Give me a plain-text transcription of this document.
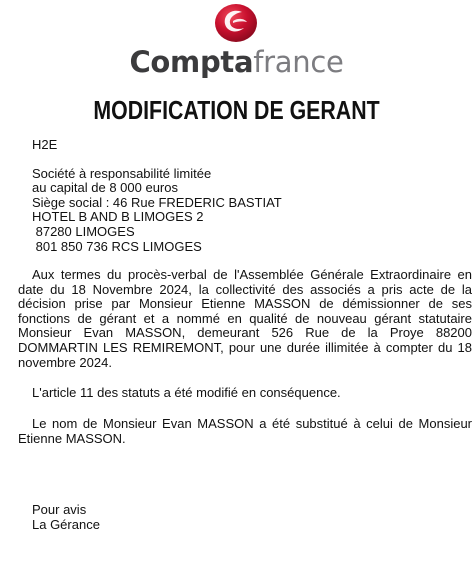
Comptafrance
MODIFICATION DE GERANT
H2E
Société à responsabilité limitée
au capital de 8 000 euros
Siège social : 46 Rue FREDERIC BASTIAT
HOTEL B AND B LIMOGES 2
87280 LIMOGES
801 850 736 RCS LIMOGES

Aux termes du procès-verbal de l'Assemblée Générale Extraordinaire en date du 18 Novembre 2024, la collectivité des associés a pris acte de la décision prise par Monsieur Etienne MASSON de démissionner de ses fonctions de gérant et a nommé en qualité de nouveau gérant statutaire Monsieur Evan MASSON, demeurant 526 Rue de la Proye 88200 DOMMARTIN LES REMIREMONT, pour une durée illimitée à compter du 18 novembre 2024.

L'article 11 des statuts a été modifié en conséquence.

Le nom de Monsieur Evan MASSON a été substitué à celui de Monsieur Etienne MASSON.

Pour avis
La Gérance
